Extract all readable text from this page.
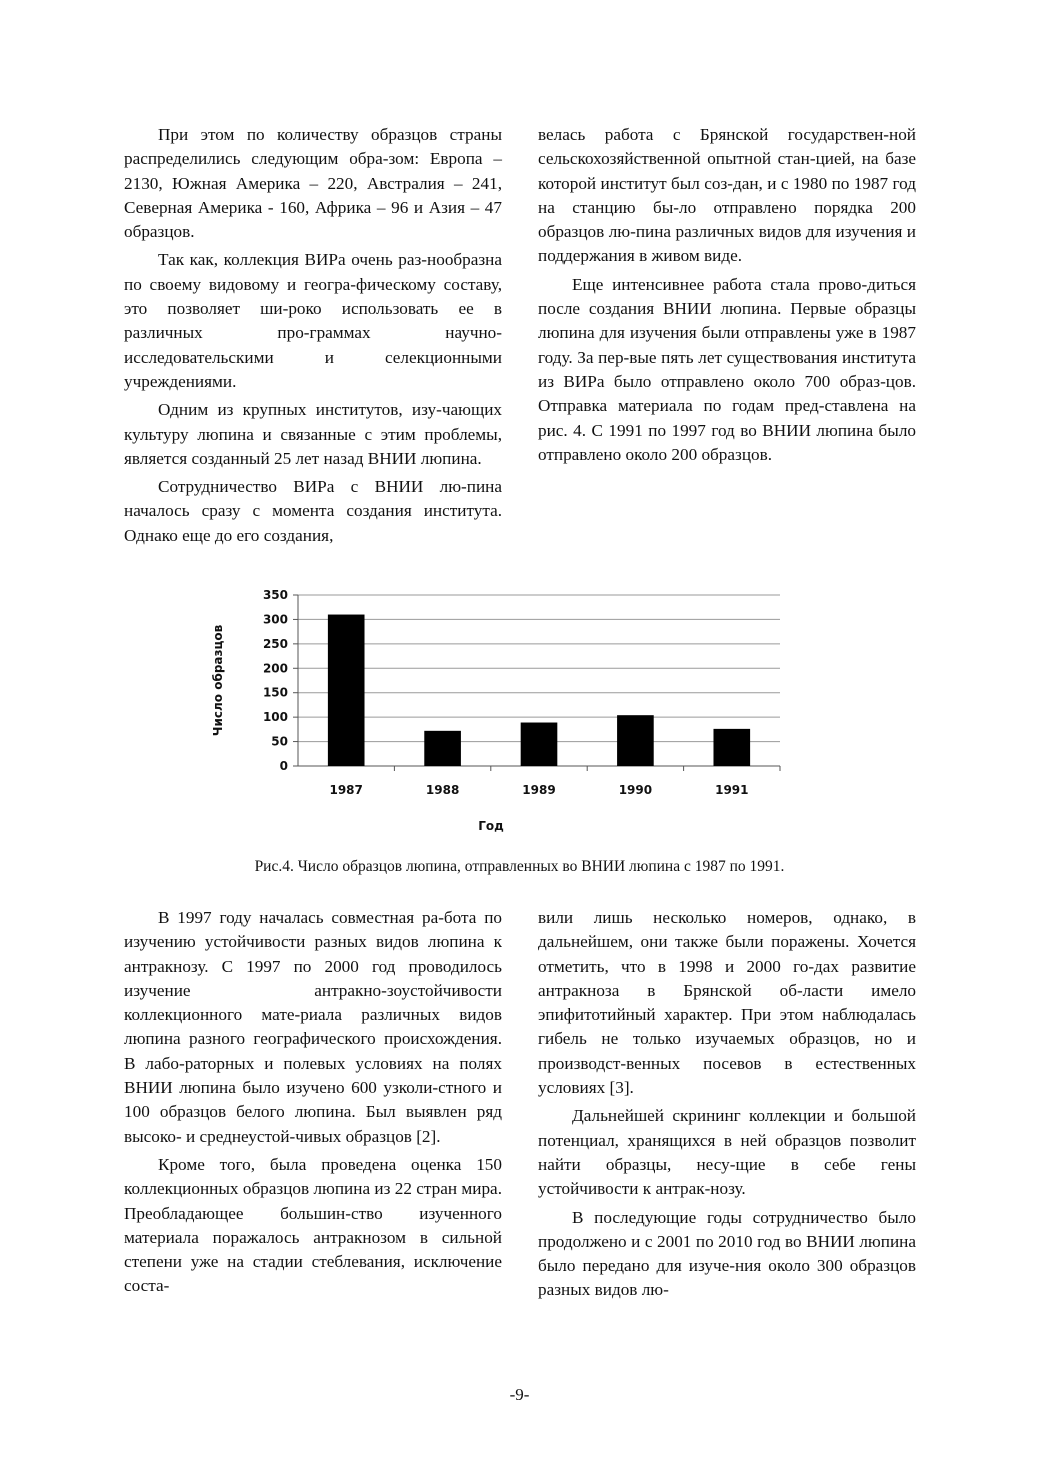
При этом по количеству образцов страны распределились следующим обра-зом: Европа – 2130, Южная Америка – 220, Австралия – 241, Северная Америка - 160, Африка – 96 и Азия – 47 образцов.

Так как, коллекция ВИРа очень раз-нообразна по своему видовому и геогра-фическому составу, это позволяет ши-роко использовать ее в различных про-граммах научно-исследовательскими и селекционными учреждениями.

Одним из крупных институтов, изу-чающих культуру люпина и связанные с этим проблемы, является созданный 25 лет назад ВНИИ люпина.

Сотрудничество ВИРа с ВНИИ лю-пина началось сразу с момента создания института. Однако еще до его создания,

велась работа с Брянской государствен-ной сельскохозяйственной опытной стан-цией, на базе которой институт был соз-дан, и с 1980 по 1987 год на станцию бы-ло отправлено порядка 200 образцов лю-пина различных видов для изучения и поддержания в живом виде.

Еще интенсивнее работа стала прово-диться после создания ВНИИ люпина. Первые образцы люпина для изучения были отправлены уже в 1987 году. За пер-вые пять лет существования института из ВИРа было отправлено около 700 образ-цов. Отправка материала по годам пред-ставлена на рис. 4. С 1991 по 1997 год во ВНИИ люпина было отправлено около 200 образцов.

0
50
100
150
200
250
300
350
1987	1988	1989	1990	1991
Год
Число образцов
Рис.4. Число образцов люпина, отправленных во ВНИИ люпина с 1987 по 1991.

В 1997 году началась совместная ра-бота по изучению устойчивости разных видов люпина к антракнозу. С 1997 по 2000 год проводилось изучение антракно-зоустойчивости коллекционного мате-риала различных видов люпина разного географического происхождения. В лабо-раторных и полевых условиях на полях ВНИИ люпина было изучено 600 узколи-стного и 100 образцов белого люпина. Был выявлен ряд высоко- и среднеустой-чивых образцов [2].

Кроме того, была проведена оценка 150 коллекционных образцов люпина из 22 стран мира. Преобладающее большин-ство изученного материала поражалось антракнозом в сильной степени уже на стадии стеблевания, исключение соста-

вили лишь несколько номеров, однако, в дальнейшем, они также были поражены. Хочется отметить, что в 1998 и 2000 го-дах развитие антракноза в Брянской об-ласти имело эпифитотийный характер. При этом наблюдалась гибель не только изучаемых образцов, но и производст-венных посевов в естественных условиях [3].

Дальнейшей скрининг коллекции и большой потенциал, хранящихся в ней образцов позволит найти образцы, несу-щие в себе гены устойчивости к антрак-нозу.

В последующие годы сотрудничество было продолжено и с 2001 по 2010 год во ВНИИ люпина было передано для изуче-ния около 300 образцов разных видов лю-

-9-
